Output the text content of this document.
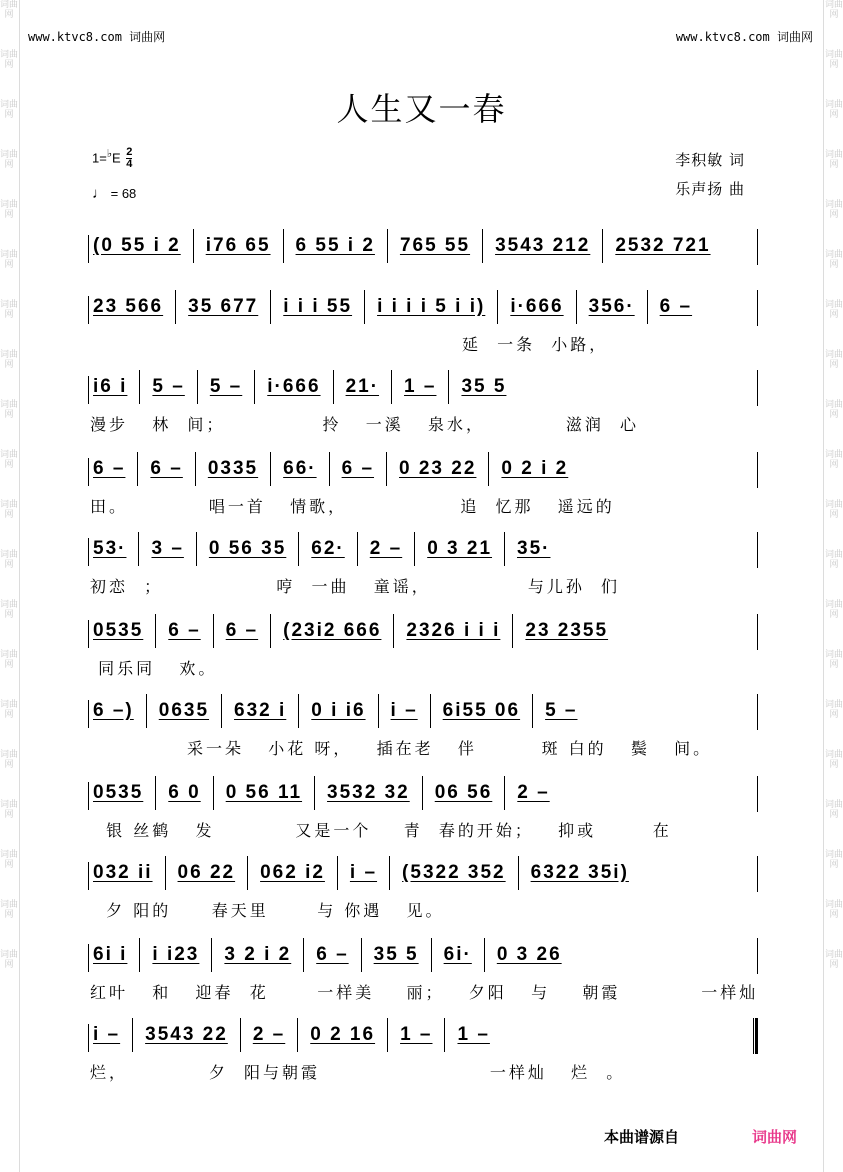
词曲网
词曲网
词曲网
词曲网
词曲网
词曲网
词曲网
词曲网
词曲网
词曲网
词曲网
词曲网
词曲网
词曲网
词曲网
词曲网
词曲网
词曲网
词曲网
词曲网
词曲网
词曲网
词曲网
词曲网
词曲网
词曲网
词曲网
词曲网
词曲网
词曲网
词曲网
词曲网
词曲网
词曲网
词曲网
词曲网
词曲网
词曲网
词曲网
词曲网
www.ktvc8.com 词曲网	www.ktvc8.com 词曲网
人生又一春
$1=^♭E \frac{2}{4}$
♩ = 68
李积敏 词
乐声扬 曲
(0 55 i 2 i76 65 6 55 i 2 765 55 3543 212 2532 721
23 566 35 677 i i i 55 i i i i 5 i i) i·666 356· 6 –
延  一条  小路，
i6 i 5 – 5 – i·666 21· 1 – 35 5
漫步   林  间；            拎   一溪   泉水，          滋润  心
6 – 6 – 0335 66· 6 – 0 23 22 0 2 i 2
田。          唱一首   情歌，              追  忆那   遥远的
53· 3 – 0 56 35 62· 2 – 0 3 21 35·
初恋  ；              哼  一曲   童谣，            与儿孙  们
0535 6 – 6 – (23i2 666 2326 i i i 23 2355
同乐同   欢。
6 –) 0635 632 i 0 i i6 i – 6i55 06 5 –
采一朵   小花 呀，   插在老   伴        斑 白的   鬓   间。
0535 6 0 0 56 11 3532 32 06 56 2 –
银 丝鹤   发          又是一个    青  春的开始；   抑或       在
032 ii 06 22 062 i2 i – (5322 352 6322 35i)
夕 阳的     春天里      与 你遇   见。
6i i i i23 3 2 i 2 6 – 35 5 6i· 0 3 26
红叶   和   迎春  花      一样美    丽；   夕阳   与    朝霞          一样灿
i – 3543 22 2 – 0 2 16 1 – 1 –
烂，          夕  阳与朝霞                     一样灿   烂  。
本曲谱源自	词曲网
